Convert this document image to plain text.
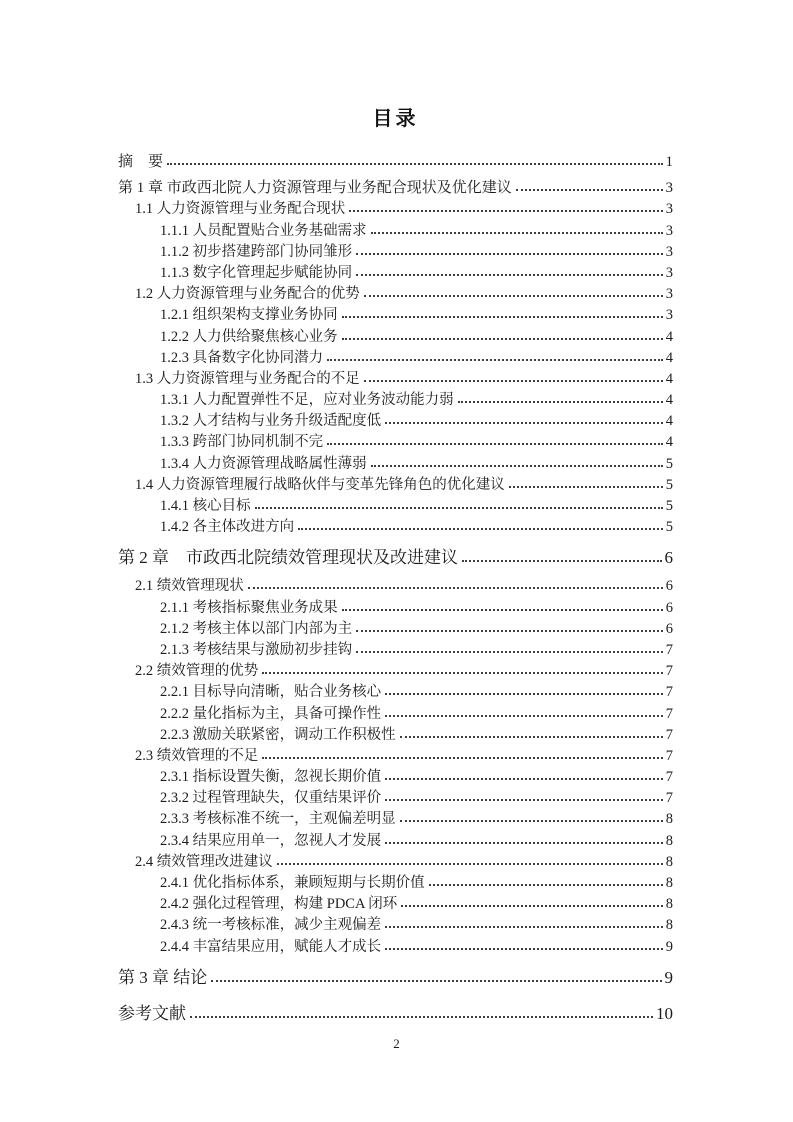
目录
摘　要	1
第 1 章 市政西北院人力资源管理与业务配合现状及优化建议	3
1.1 人力资源管理与业务配合现状	3
1.1.1 人员配置贴合业务基础需求	3
1.1.2 初步搭建跨部门协同雏形	3
1.1.3 数字化管理起步赋能协同	3
1.2 人力资源管理与业务配合的优势	3
1.2.1 组织架构支撑业务协同	3
1.2.2 人力供给聚焦核心业务	4
1.2.3 具备数字化协同潜力	4
1.3 人力资源管理与业务配合的不足	4
1.3.1 人力配置弹性不足，应对业务波动能力弱	4
1.3.2 人才结构与业务升级适配度低	4
1.3.3 跨部门协同机制不完	4
1.3.4 人力资源管理战略属性薄弱	5
1.4 人力资源管理履行战略伙伴与变革先锋角色的优化建议	5
1.4.1 核心目标	5
1.4.2 各主体改进方向	5
第 2 章　市政西北院绩效管理现状及改进建议	6
2.1 绩效管理现状	6
2.1.1 考核指标聚焦业务成果	6
2.1.2 考核主体以部门内部为主	6
2.1.3 考核结果与激励初步挂钩	7
2.2 绩效管理的优势	7
2.2.1 目标导向清晰，贴合业务核心	7
2.2.2 量化指标为主，具备可操作性	7
2.2.3 激励关联紧密，调动工作积极性	7
2.3 绩效管理的不足	7
2.3.1 指标设置失衡，忽视长期价值	7
2.3.2 过程管理缺失，仅重结果评价	7
2.3.3 考核标准不统一，主观偏差明显	8
2.3.4 结果应用单一，忽视人才发展	8
2.4 绩效管理改进建议	8
2.4.1 优化指标体系，兼顾短期与长期价值	8
2.4.2 强化过程管理，构建 PDCA 闭环	8
2.4.3 统一考核标准，减少主观偏差	8
2.4.4 丰富结果应用，赋能人才成长	9
第 3 章 结论	9
参考文献	10
2
